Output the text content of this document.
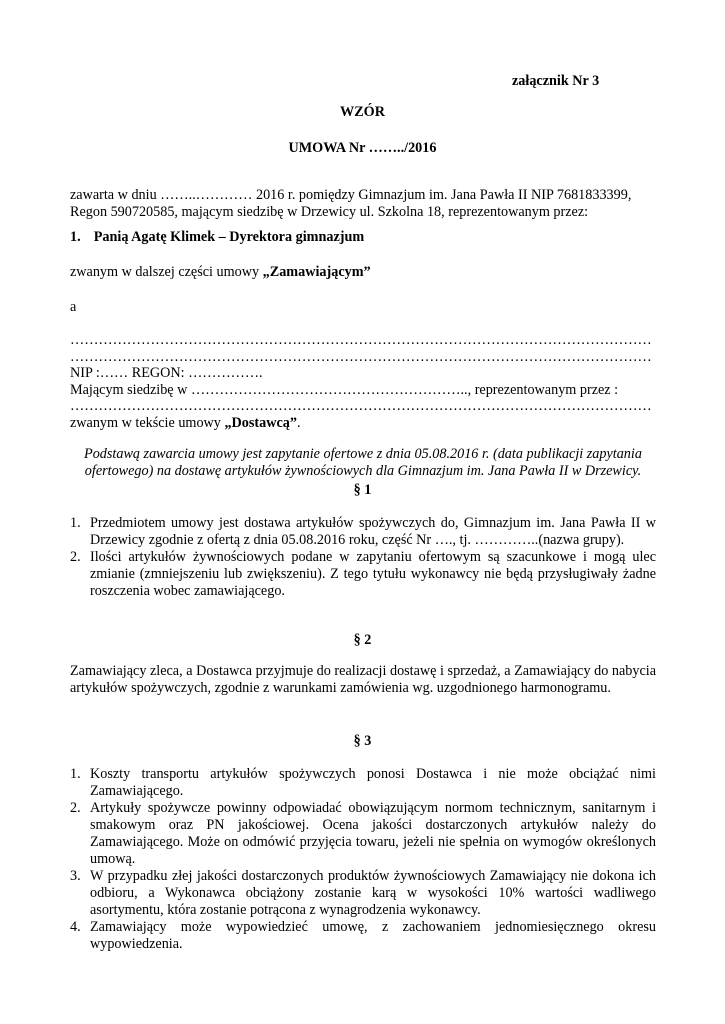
załącznik Nr 3
WZÓR
UMOWA Nr ……../2016
zawarta w dniu ……..………… 2016 r. pomiędzy Gimnazjum im. Jana Pawła II NIP 7681833399,
Regon 590720585, mającym siedzibę w Drzewicy ul. Szkolna 18, reprezentowanym przez:
1. Panią Agatę Klimek – Dyrektora gimnazjum
zwanym w dalszej części umowy „Zamawiającym”
a
……………………………………………………………………………………………………………
……………………………………………………………………………………………………………
NIP :…… REGON: …………….
Mającym siedzibę w ………………………………………………….., reprezentowanym przez :
……………………………………………………………………………………………………………
zwanym w tekście umowy „Dostawcą”.
Podstawą zawarcia umowy jest zapytanie ofertowe z dnia 05.08.2016 r. (data publikacji zapytania ofertowego) na dostawę artykułów żywnościowych dla Gimnazjum im. Jana Pawła II w Drzewicy.
§ 1
1. Przedmiotem umowy jest dostawa artykułów spożywczych do, Gimnazjum im. Jana Pawła II w Drzewicy zgodnie z ofertą z dnia 05.08.2016 roku, część Nr …., tj. …………..(nazwa grupy).
2. Ilości artykułów żywnościowych podane w zapytaniu ofertowym są szacunkowe i mogą ulec zmianie (zmniejszeniu lub zwiększeniu). Z tego tytułu wykonawcy nie będą przysługiwały żadne roszczenia wobec zamawiającego.
§ 2
Zamawiający zleca, a Dostawca przyjmuje do realizacji dostawę i sprzedaż, a Zamawiający do nabycia artykułów spożywczych, zgodnie z warunkami zamówienia wg. uzgodnionego harmonogramu.
§ 3
1. Koszty transportu artykułów spożywczych ponosi Dostawca i nie może obciążać nimi Zamawiającego.
2. Artykuły spożywcze powinny odpowiadać obowiązującym normom technicznym, sanitarnym i smakowym oraz PN jakościowej. Ocena jakości dostarczonych artykułów należy do Zamawiającego. Może on odmówić przyjęcia towaru, jeżeli nie spełnia on wymogów określonych umową.
3. W przypadku złej jakości dostarczonych produktów żywnościowych Zamawiający nie dokona ich odbioru, a Wykonawca obciążony zostanie karą w wysokości 10% wartości wadliwego asortymentu, która zostanie potrącona z wynagrodzenia wykonawcy.
4. Zamawiający może wypowiedzieć umowę, z zachowaniem jednomiesięcznego okresu wypowiedzenia.
